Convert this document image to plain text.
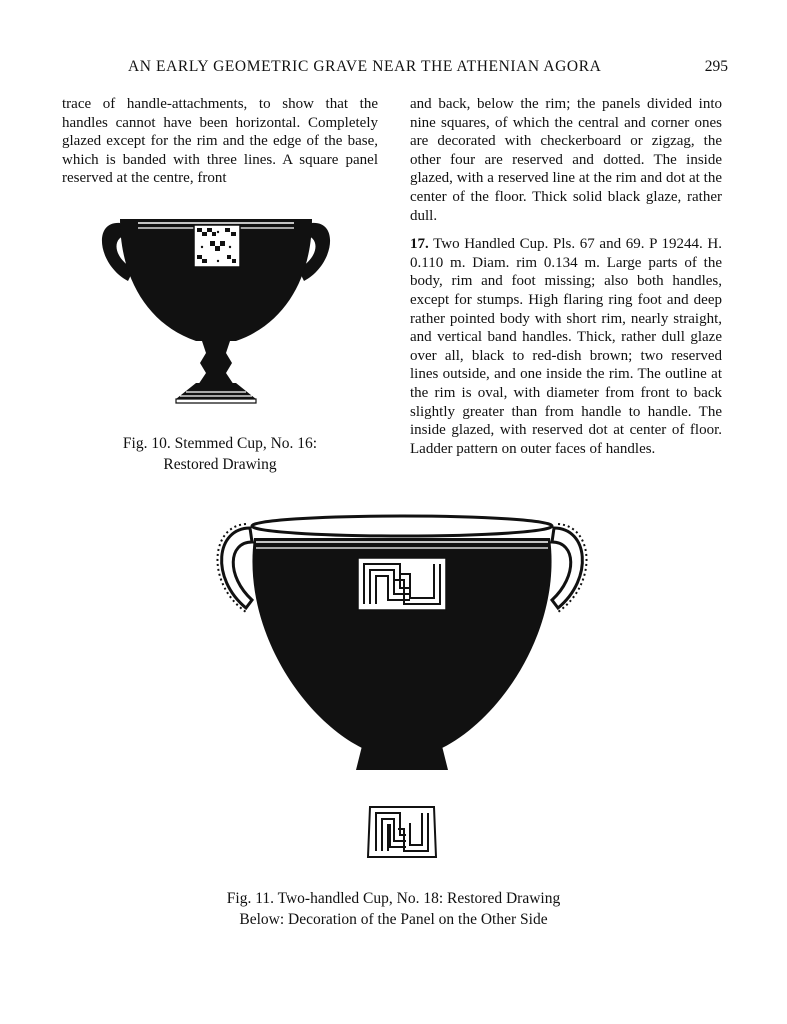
AN EARLY GEOMETRIC GRAVE NEAR THE ATHENIAN AGORA	295

trace of handle-attachments, to show that the handles cannot have been horizontal. Completely glazed except for the rim and the edge of the base, which is banded with three lines. A square panel reserved at the centre, front

and back, below the rim; the panels divided into nine squares, of which the central and corner ones are decorated with checkerboard or zigzag, the other four are reserved and dotted. The inside glazed, with a reserved line at the rim and dot at the center of the floor. Thick solid black glaze, rather dull.

17. Two Handled Cup. Pls. 67 and 69. P 19244. H. 0.110 m. Diam. rim 0.134 m. Large parts of the body, rim and foot missing; also both handles, except for stumps. High flaring ring foot and deep rather pointed body with short rim, nearly straight, and vertical band handles. Thick, rather dull glaze over all, black to red-dish brown; two reserved lines outside, and one inside the rim. The outline at the rim is oval, with diameter from front to back slightly greater than from handle to handle. The inside glazed, with reserved dot at center of floor. Ladder pattern on outer faces of handles.

Fig. 10. Stemmed Cup, No. 16:
Restored Drawing
Fig. 11. Two-handled Cup, No. 18: Restored Drawing
Below: Decoration of the Panel on the Other Side
